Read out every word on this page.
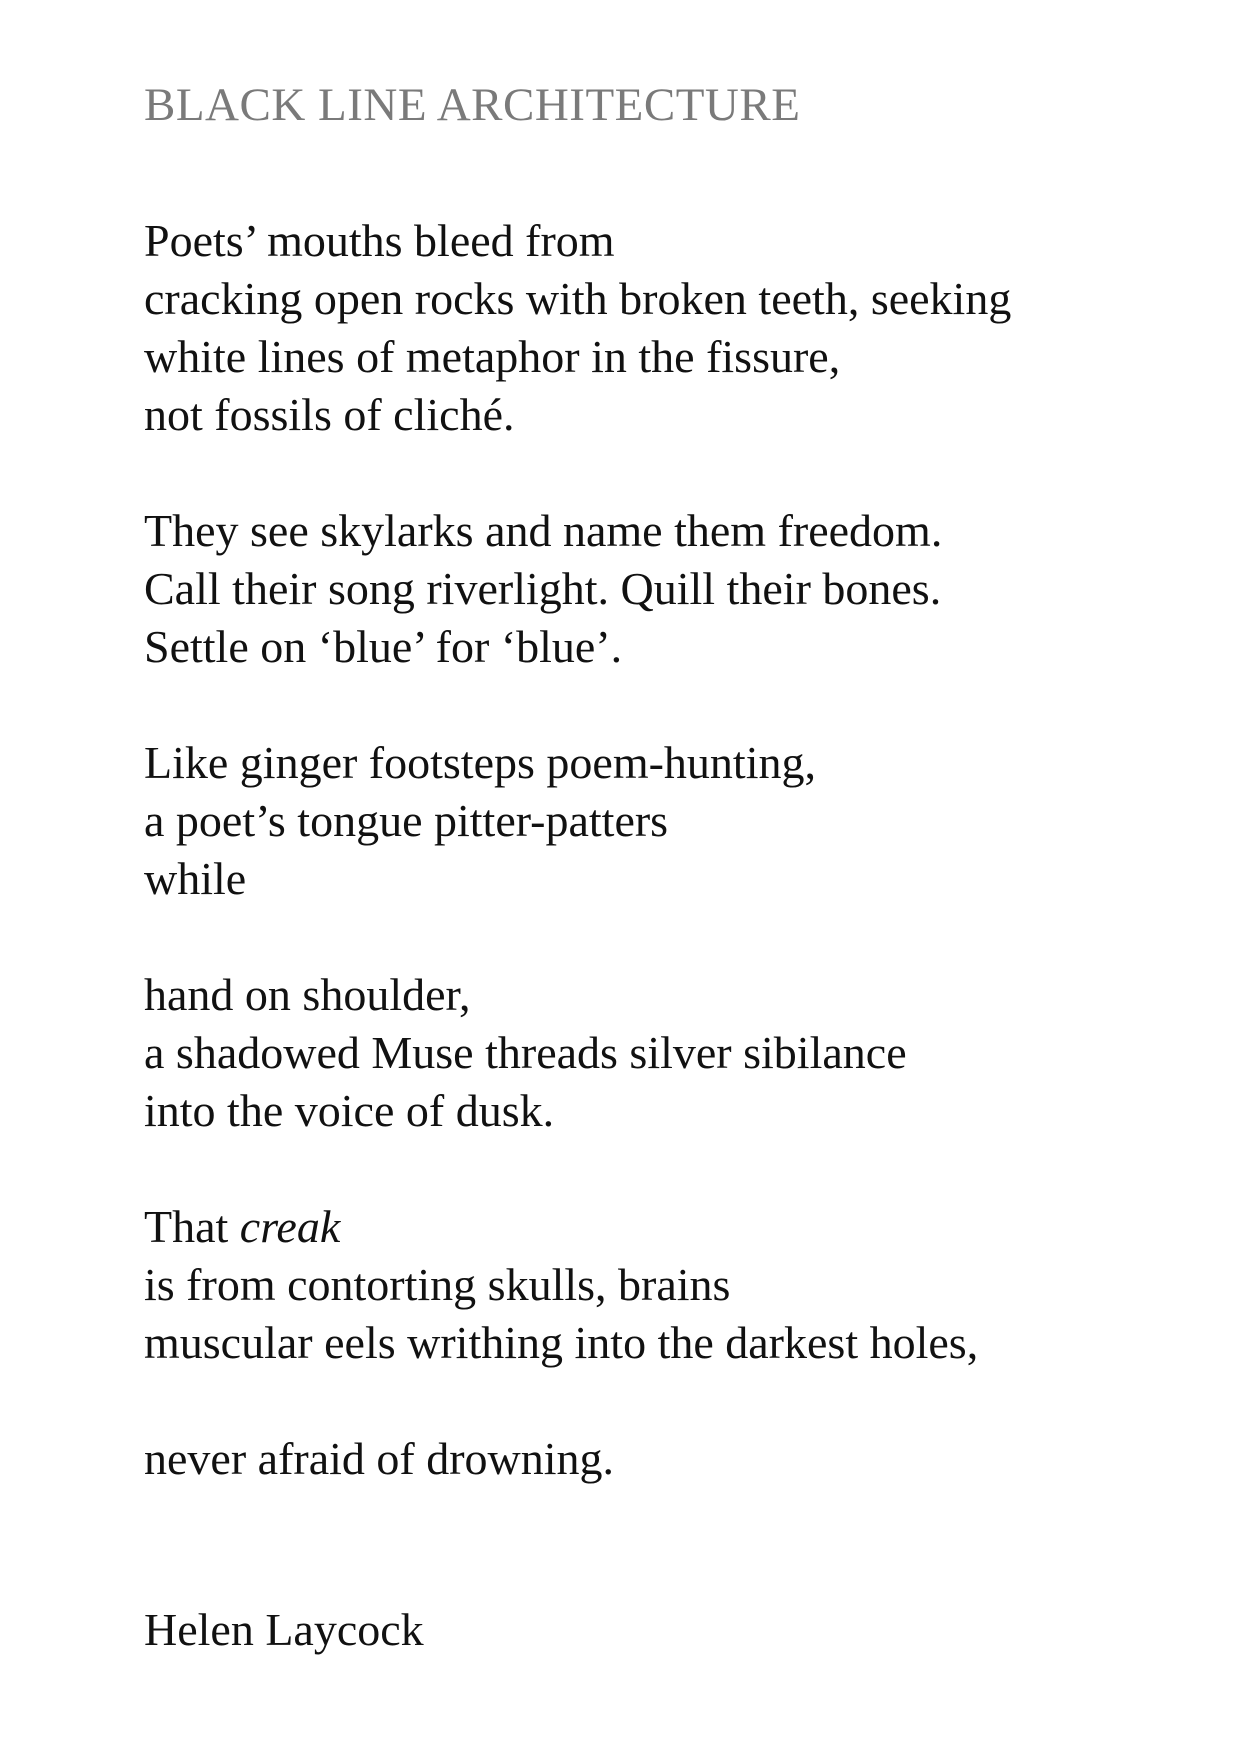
BLACK LINE ARCHITECTURE
Poets’ mouths bleed from
cracking open rocks with broken teeth, seeking
white lines of metaphor in the fissure,
not fossils of cliché.
They see skylarks and name them freedom.
Call their song riverlight. Quill their bones.
Settle on ‘blue’ for ‘blue’.
Like ginger footsteps poem-hunting,
a poet’s tongue pitter-patters
while
hand on shoulder,
a shadowed Muse threads silver sibilance
into the voice of dusk.
That creak
is from contorting skulls, brains
muscular eels writhing into the darkest holes,
never afraid of drowning.
Helen Laycock
